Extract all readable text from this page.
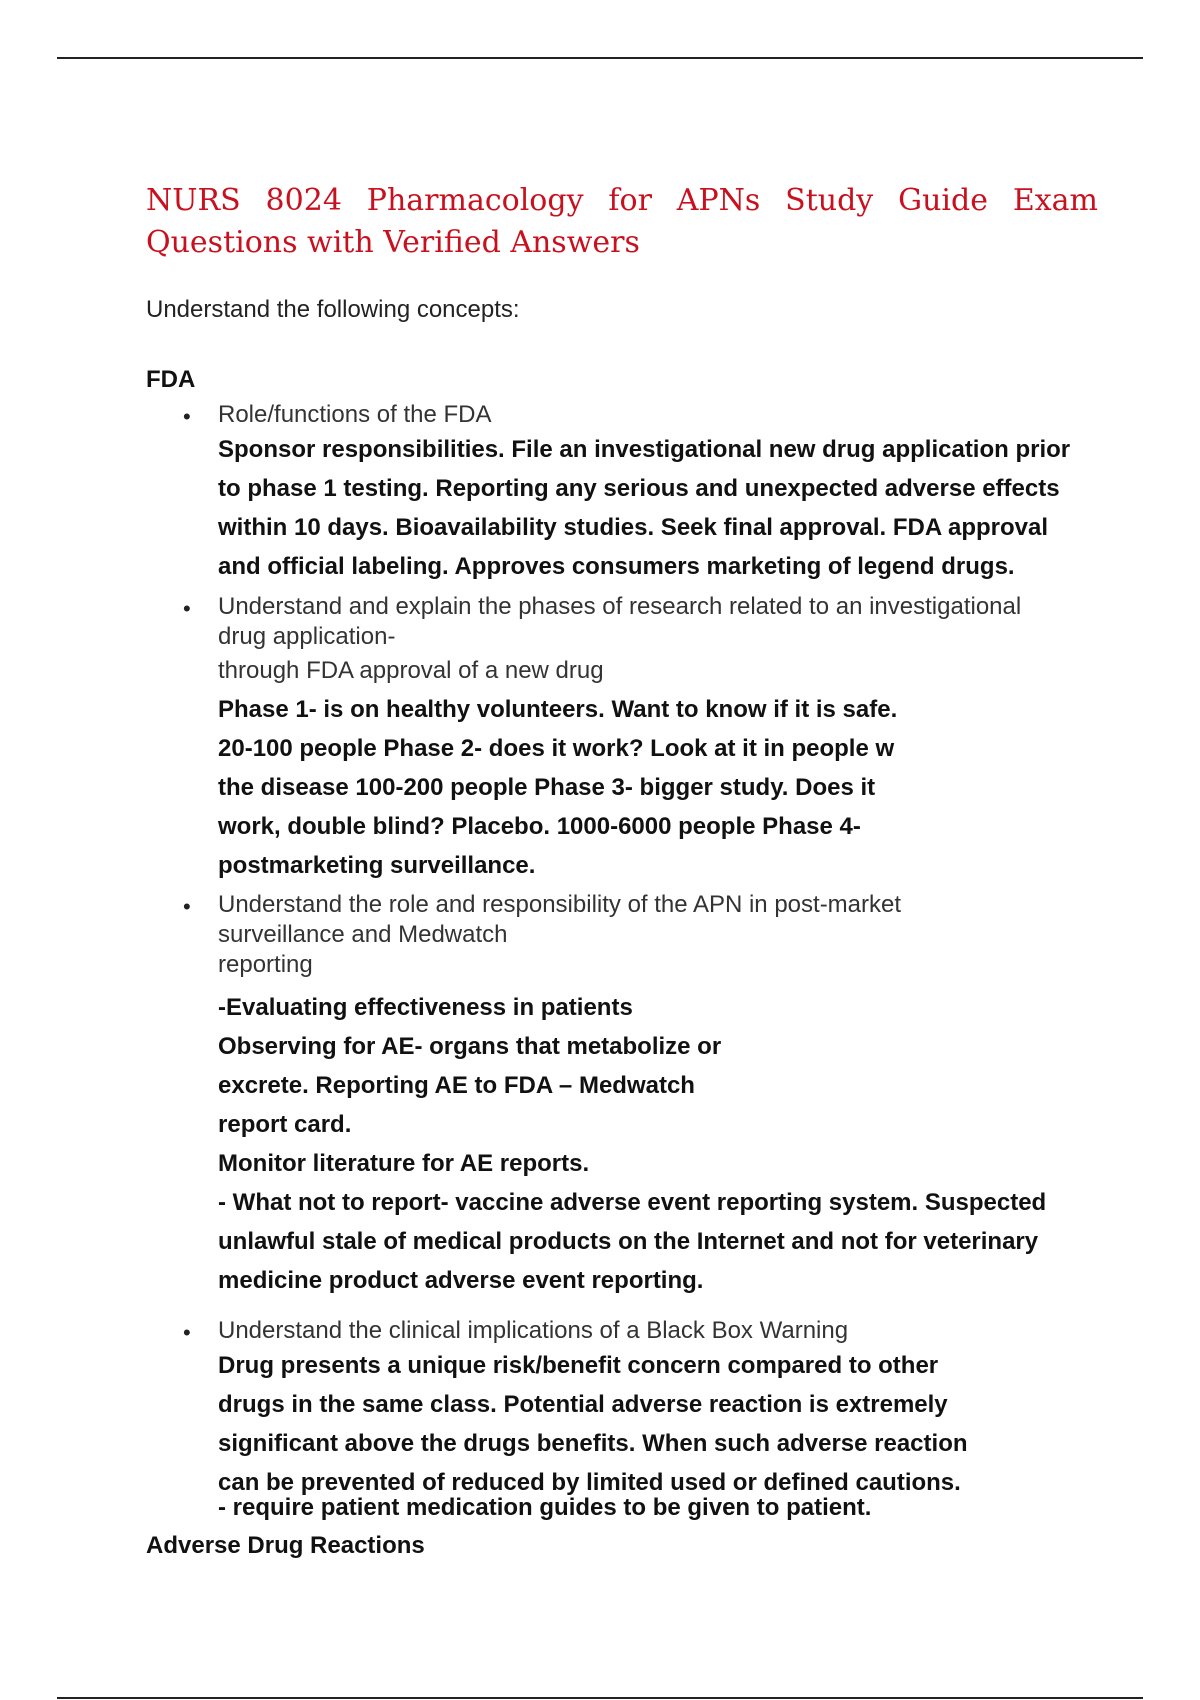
NURS 8024 Pharmacology for APNs Study Guide Exam Questions with Verified Answers

Understand the following concepts:

FDA

• Role/functions of the FDA
Sponsor responsibilities. File an investigational new drug application prior
to phase 1 testing. Reporting any serious and unexpected adverse effects
within 10 days. Bioavailability studies. Seek final approval. FDA approval
and official labeling. Approves consumers marketing of legend drugs.
• Understand and explain the phases of research related to an investigational
drug application-
through FDA approval of a new drug
Phase 1- is on healthy volunteers. Want to know if it is safe.
20-100 people Phase 2- does it work? Look at it in people w
the disease 100-200 people Phase 3- bigger study. Does it
work, double blind? Placebo. 1000-6000 people Phase 4-
postmarketing surveillance.
• Understand the role and responsibility of the APN in post-market
surveillance and Medwatch
reporting
-Evaluating effectiveness in patients
Observing for AE- organs that metabolize or
excrete. Reporting AE to FDA – Medwatch
report card.
Monitor literature for AE reports.
- What not to report- vaccine adverse event reporting system. Suspected
unlawful stale of medical products on the Internet and not for veterinary
medicine product adverse event reporting.
• Understand the clinical implications of a Black Box Warning
Drug presents a unique risk/benefit concern compared to other
drugs in the same class. Potential adverse reaction is extremely
significant above the drugs benefits. When such adverse reaction
can be prevented of reduced by limited used or defined cautions.
- require patient medication guides to be given to patient.

Adverse Drug Reactions
